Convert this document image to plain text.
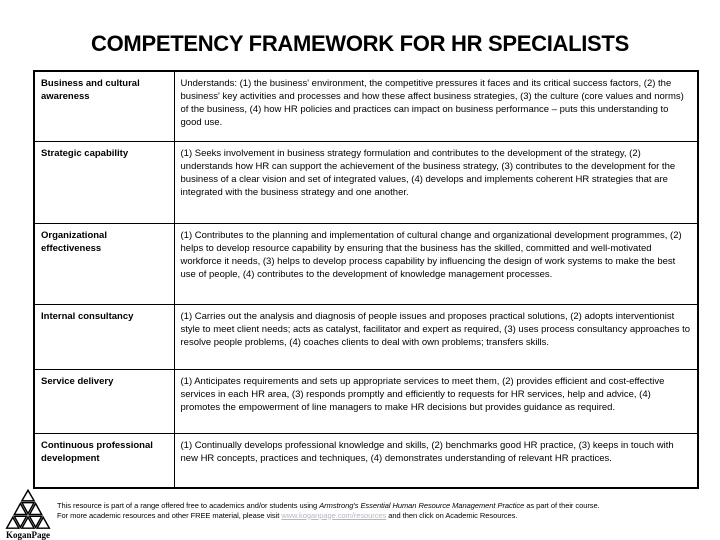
COMPETENCY FRAMEWORK FOR HR SPECIALISTS
Business and cultural awareness	Understands: (1) the business' environment, the competitive pressures it faces and its critical success factors, (2) the business' key activities and processes and how these affect business strategies, (3) the culture (core values and norms) of the business, (4) how HR policies and practices can impact on business performance – puts this understanding to good use.
Strategic capability	(1) Seeks involvement in business strategy formulation and contributes to the development of the strategy, (2) understands how HR can support the achievement of the business strategy, (3) contributes to the development for the business of a clear vision and set of integrated values, (4) develops and implements coherent HR strategies that are integrated with the business strategy and one another.
Organizational effectiveness	(1) Contributes to the planning and implementation of cultural change and organizational development programmes, (2) helps to develop resource capability by ensuring that the business has the skilled, committed and well-motivated workforce it needs, (3) helps to develop process capability by influencing the design of work systems to make the best use of people, (4) contributes to the development of knowledge management processes.
Internal consultancy	(1) Carries out the analysis and diagnosis of people issues and proposes practical solutions, (2) adopts interventionist style to meet client needs; acts as catalyst, facilitator and expert as required, (3) uses process consultancy approaches to resolve people problems, (4) coaches clients to deal with own problems; transfers skills.
Service delivery	(1) Anticipates requirements and sets up appropriate services to meet them, (2) provides efficient and cost-effective services in each HR area, (3) responds promptly and efficiently to requests for HR services, help and advice, (4) promotes the empowerment of line managers to make HR decisions but provides guidance as required.
Continuous professional development	(1) Continually develops professional knowledge and skills, (2) benchmarks good HR practice, (3) keeps in touch with new HR concepts, practices and techniques, (4) demonstrates understanding of relevant HR practices.
KoganPage
This resource is part of a range offered free to academics and/or students using Armstrong's Essential Human Resource Management Practice as part of their course.
For more academic resources and other FREE material, please visit www.koganpage.com/resources and then click on Academic Resources.
